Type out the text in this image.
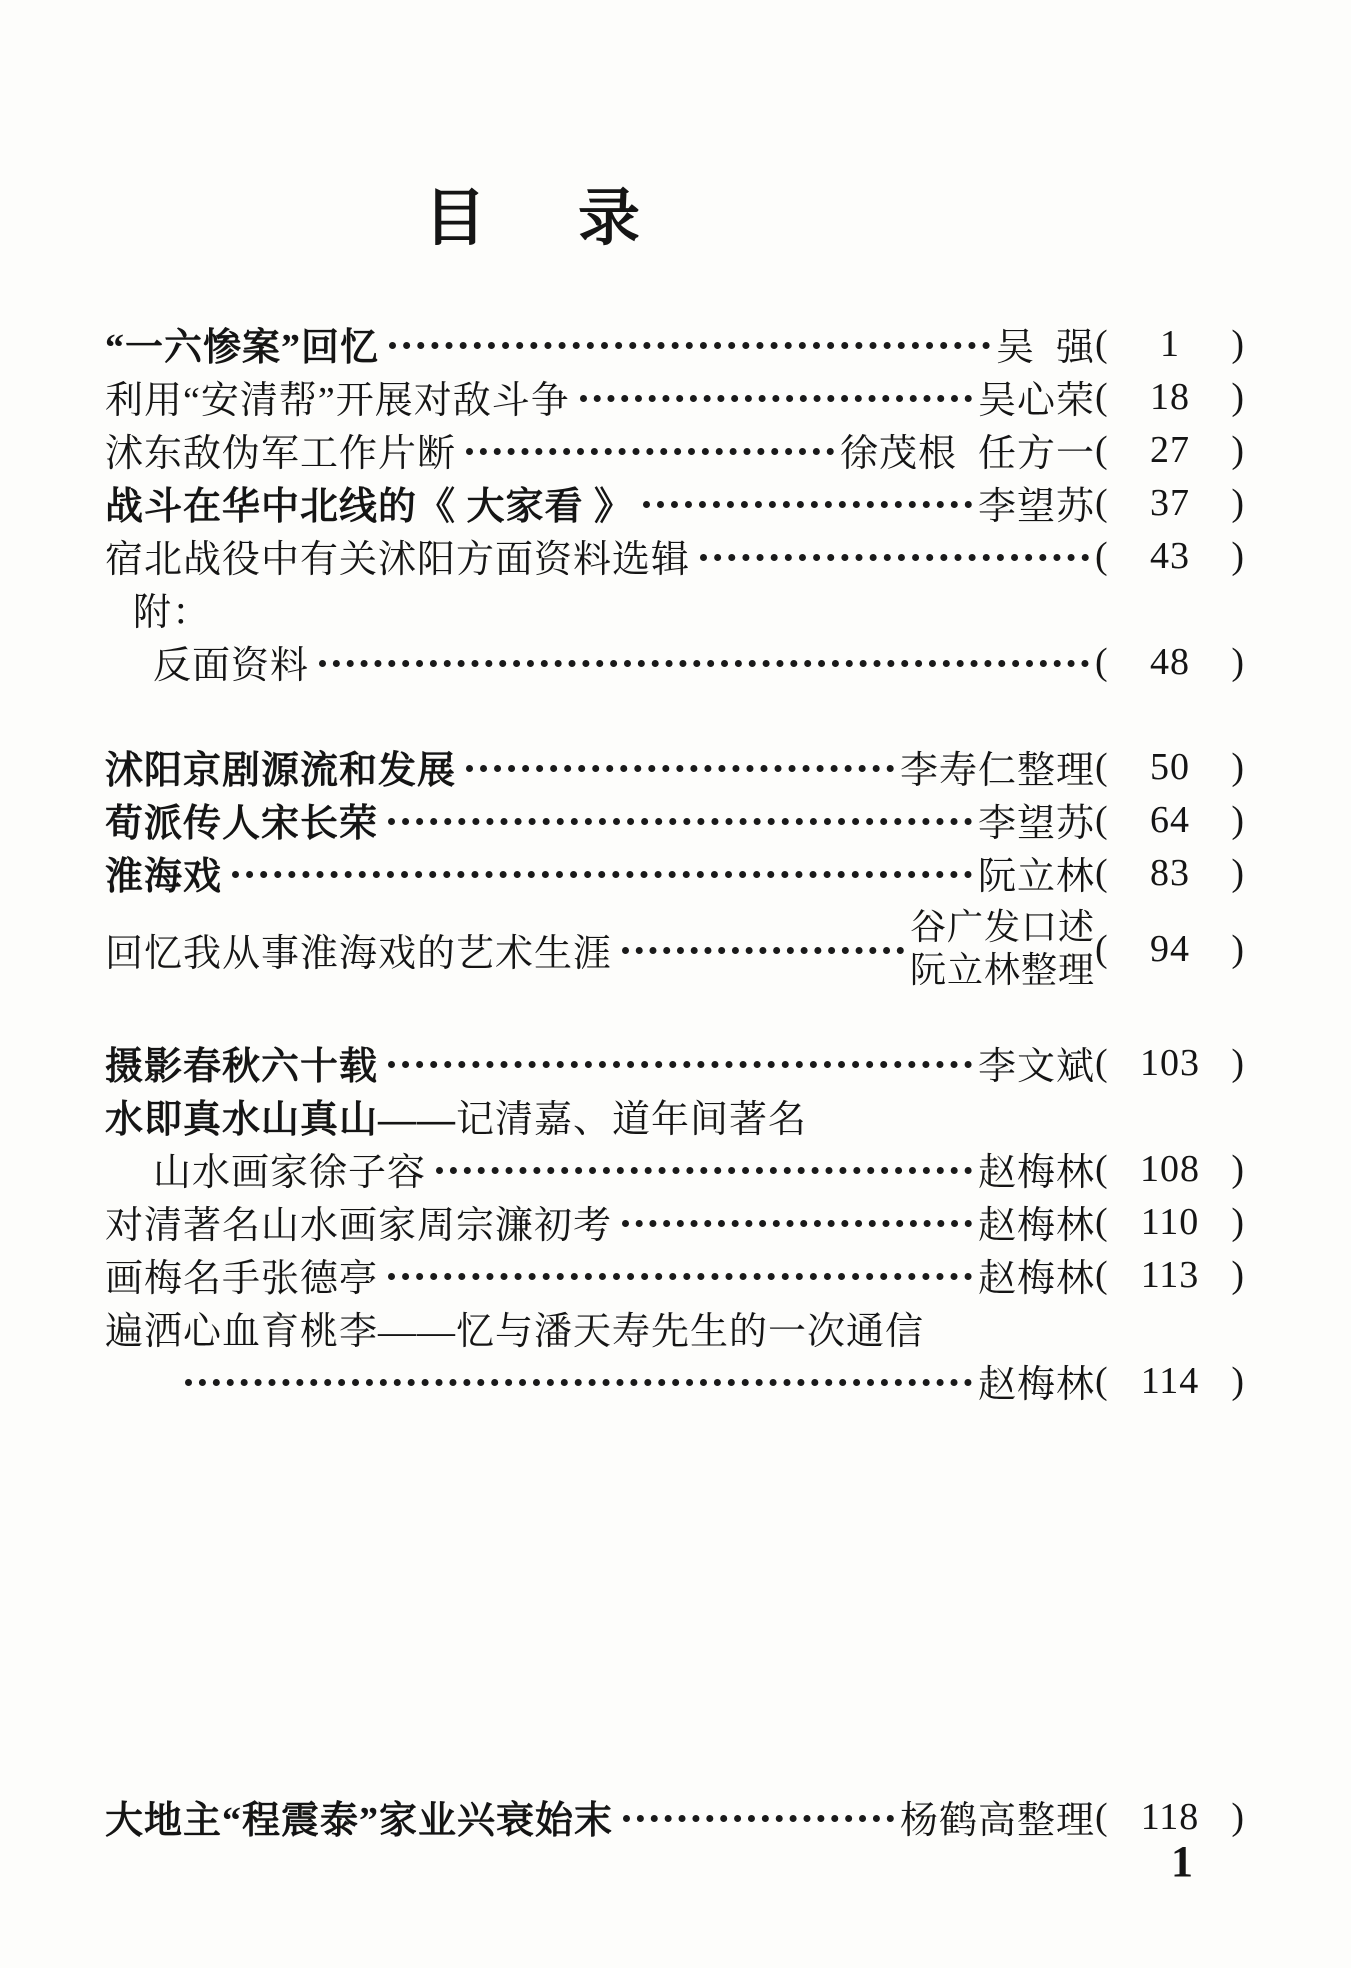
目    录
“一六惨案”回忆	吴  强 (	1	)
利用“安清帮”开展对敌斗争	吴心荣 (	18	)
沭东敌伪军工作片断	徐茂根  任方一 (	27	)
战斗在华中北线的《 大家看 》	李望苏 (	37	)
宿北战役中有关沭阳方面资料选辑	(	43	)
附：
反面资料	(	48	)
沭阳京剧源流和发展	李寿仁整理 (	50	)
荀派传人宋长荣	李望苏 (	64	)
淮海戏	阮立林 (	83	)
回忆我从事淮海戏的艺术生涯
谷广发口述
阮立林整理 (	94	)
摄影春秋六十载	李文斌 ( 103 )
水即真水山真山—— 记清嘉、道年间著名
山水画家徐子容	赵梅林 ( 108 )
对清著名山水画家周宗濂初考	赵梅林 ( 110 )
画梅名手张德亭	赵梅林 ( 113 )
遍洒心血育桃李——忆与潘天寿先生的一次通信
赵梅林 ( 114 )
大地主“程震泰”家业兴衰始末	杨鹤高整理 ( 118 )
1
